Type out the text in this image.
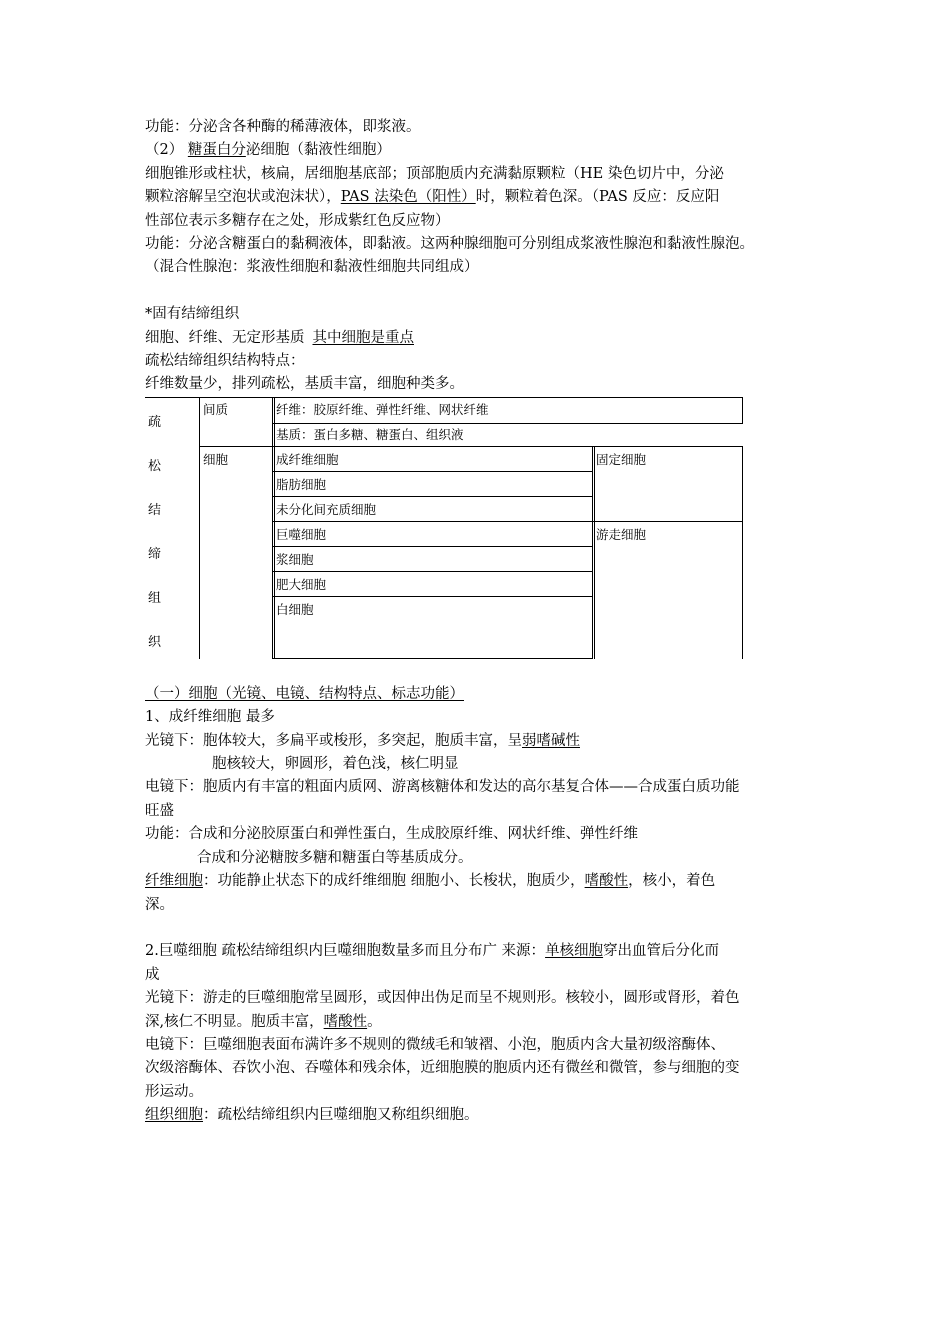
功能：分泌含各种酶的稀薄液体，即浆液。

（2） 糖蛋白分泌细胞（黏液性细胞）

细胞锥形或柱状，核扁，居细胞基底部；顶部胞质内充满黏原颗粒（HE 染色切片中，分泌

颗粒溶解呈空泡状或泡沫状），PAS 法染色（阳性）时，颗粒着色深。（PAS 反应：反应阳

性部位表示多糖存在之处，形成紫红色反应物）

功能：分泌含糖蛋白的黏稠液体，即黏液。这两种腺细胞可分别组成浆液性腺泡和黏液性腺泡。

（混合性腺泡：浆液性细胞和黏液性细胞共同组成）

*固有结缔组织

细胞、纤维、无定形基质 其中细胞是重点

疏松结缔组织结构特点：

纤维数量少，排列疏松，基质丰富，细胞种类多。

疏
松
结
缔
组
织
间质	纤维：胶原纤维、弹性纤维、网状纤维
基质：蛋白多糖、糖蛋白、组织液
细胞	成纤维细胞
脂肪细胞
未分化间充质细胞
巨噬细胞
浆细胞
肥大细胞
白细胞
固定细胞
游走细胞

（一）细胞（光镜、电镜、结构特点、标志功能）

1、成纤维细胞 最多

光镜下：胞体较大，多扁平或梭形，多突起，胞质丰富，呈弱嗜碱性

胞核较大，卵圆形，着色浅，核仁明显

电镜下：胞质内有丰富的粗面内质网、游离核糖体和发达的高尔基复合体——合成蛋白质功能

旺盛

功能：合成和分泌胶原蛋白和弹性蛋白，生成胶原纤维、网状纤维、弹性纤维

合成和分泌糖胺多糖和糖蛋白等基质成分。

纤维细胞：功能静止状态下的成纤维细胞 细胞小、长梭状，胞质少，嗜酸性，核小，着色

深。

2.巨噬细胞 疏松结缔组织内巨噬细胞数量多而且分布广 来源：单核细胞穿出血管后分化而

成

光镜下：游走的巨噬细胞常呈圆形，或因伸出伪足而呈不规则形。核较小，圆形或肾形，着色

深,核仁不明显。胞质丰富，嗜酸性。

电镜下：巨噬细胞表面布满许多不规则的微绒毛和皱褶、小泡，胞质内含大量初级溶酶体、

次级溶酶体、吞饮小泡、吞噬体和残余体，近细胞膜的胞质内还有微丝和微管，参与细胞的变

形运动。

组织细胞：疏松结缔组织内巨噬细胞又称组织细胞。
